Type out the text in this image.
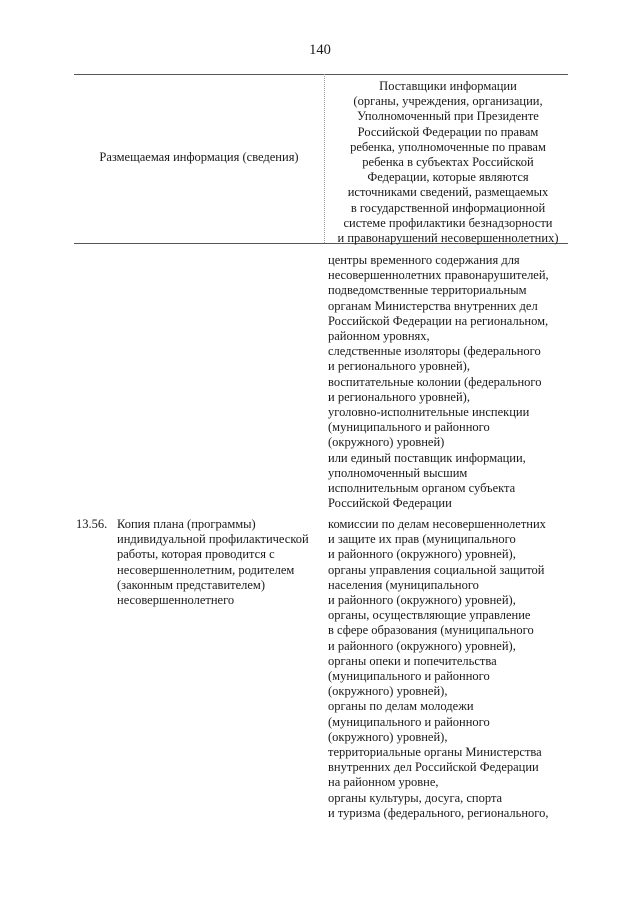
140
Размещаемая информация (сведения)
Поставщики информации
(органы, учреждения, организации,
Уполномоченный при Президенте
Российской Федерации по правам
ребенка, уполномоченные по правам
ребенка в субъектах Российской
Федерации, которые являются
источниками сведений, размещаемых
в государственной информационной
системе профилактики безнадзорности
и правонарушений несовершеннолетних)
центры временного содержания для
несовершеннолетних правонарушителей,
подведомственные территориальным
органам Министерства внутренних дел
Российской Федерации на региональном,
районном уровнях,
следственные изоляторы (федерального
и регионального уровней),
воспитательные колонии (федерального
и регионального уровней),
уголовно-исполнительные инспекции
(муниципального и районного
(окружного) уровней)
или единый поставщик информации,
уполномоченный высшим
исполнительным органом субъекта
Российской Федерации
13.56. Копия плана (программы)
индивидуальной профилактической
работы, которая проводится с
несовершеннолетним, родителем
(законным представителем)
несовершеннолетнего
комиссии по делам несовершеннолетних
и защите их прав (муниципального
и районного (окружного) уровней),
органы управления социальной защитой
населения (муниципального
и районного (окружного) уровней),
органы, осуществляющие управление
в сфере образования (муниципального
и районного (окружного) уровней),
органы опеки и попечительства
(муниципального и районного
(окружного) уровней),
органы по делам молодежи
(муниципального и районного
(окружного) уровней),
территориальные органы Министерства
внутренних дел Российской Федерации
на районном уровне,
органы культуры, досуга, спорта
и туризма (федерального, регионального,
